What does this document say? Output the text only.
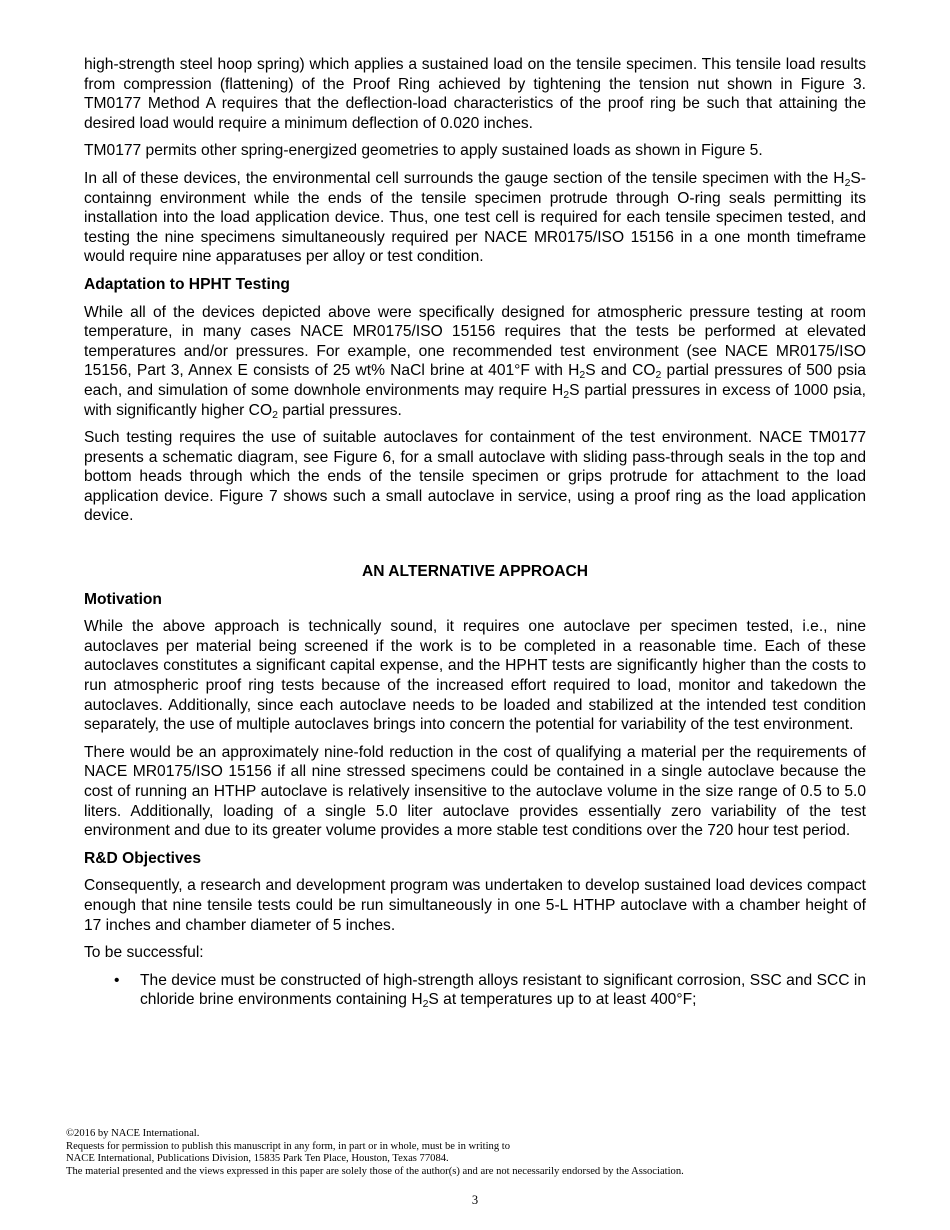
high-strength steel hoop spring) which applies a sustained load on the tensile specimen. This tensile load results from compression (flattening) of the Proof Ring achieved by tightening the tension nut shown in Figure 3. TM0177 Method A requires that the deflection-load characteristics of the proof ring be such that attaining the desired load would require a minimum deflection of 0.020 inches.

TM0177 permits other spring-energized geometries to apply sustained loads as shown in Figure 5.

In all of these devices, the environmental cell surrounds the gauge section of the tensile specimen with the $H_2S$-containng environment while the ends of the tensile specimen protrude through O-ring seals permitting its installation into the load application device. Thus, one test cell is required for each tensile specimen tested, and testing the nine specimens simultaneously required per NACE MR0175/ISO 15156 in a one month timeframe would require nine apparatuses per alloy or test condition.

Adaptation to HPHT Testing

While all of the devices depicted above were specifically designed for atmospheric pressure testing at room temperature, in many cases NACE MR0175/ISO 15156 requires that the tests be performed at elevated temperatures and/or pressures. For example, one recommended test environment (see NACE MR0175/ISO 15156, Part 3, Annex E consists of 25 wt% NaCl brine at 401°F with $H_2S$ and $CO_2$ partial pressures of 500 psia each, and simulation of some downhole environments may require $H_2S$ partial pressures in excess of 1000 psia, with significantly higher $CO_2$ partial pressures.

Such testing requires the use of suitable autoclaves for containment of the test environment. NACE TM0177 presents a schematic diagram, see Figure 6, for a small autoclave with sliding pass-through seals in the top and bottom heads through which the ends of the tensile specimen or grips protrude for attachment to the load application device. Figure 7 shows such a small autoclave in service, using a proof ring as the load application device.

AN ALTERNATIVE APPROACH
Motivation

While the above approach is technically sound, it requires one autoclave per specimen tested, i.e., nine autoclaves per material being screened if the work is to be completed in a reasonable time. Each of these autoclaves constitutes a significant capital expense, and the HPHT tests are significantly higher than the costs to run atmospheric proof ring tests because of the increased effort required to load, monitor and takedown the autoclaves. Additionally, since each autoclave needs to be loaded and stabilized at the intended test condition separately, the use of multiple autoclaves brings into concern the potential for variability of the test environment.

There would be an approximately nine-fold reduction in the cost of qualifying a material per the requirements of NACE MR0175/ISO 15156 if all nine stressed specimens could be contained in a single autoclave because the cost of running an HTHP autoclave is relatively insensitive to the autoclave volume in the size range of 0.5 to 5.0 liters. Additionally, loading of a single 5.0 liter autoclave provides essentially zero variability of the test environment and due to its greater volume provides a more stable test conditions over the 720 hour test period.

R&D Objectives

Consequently, a research and development program was undertaken to develop sustained load devices compact enough that nine tensile tests could be run simultaneously in one 5-L HTHP autoclave with a chamber height of 17 inches and chamber diameter of 5 inches.

To be successful:

• The device must be constructed of high-strength alloys resistant to significant corrosion, SSC and SCC in chloride brine environments containing $H_2S$ at temperatures up to at least 400°F;
©2016 by NACE International.
Requests for permission to publish this manuscript in any form, in part or in whole, must be in writing to
NACE International, Publications Division, 15835 Park Ten Place, Houston, Texas 77084.
The material presented and the views expressed in this paper are solely those of the author(s) and are not necessarily endorsed by the Association.
3
